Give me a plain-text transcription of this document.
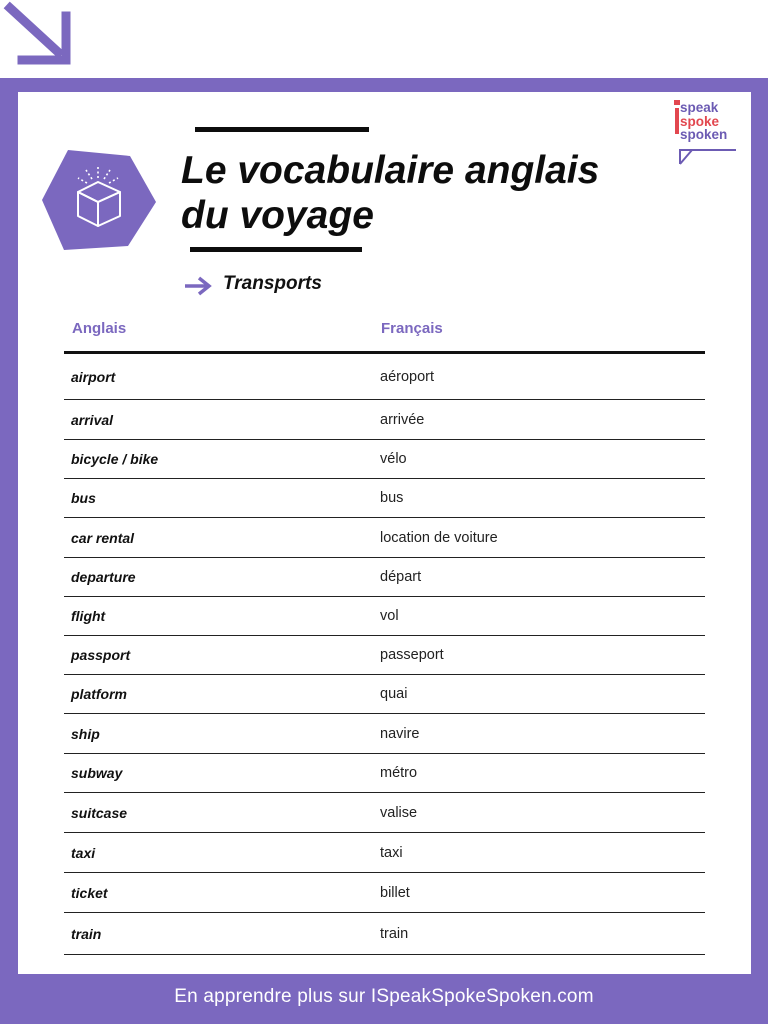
speak
spoke
spoken
Le vocabulaire anglais
du voyage
Transports
Anglais	Français
airport	aéroport
arrival	arrivée
bicycle / bike	vélo
bus	bus
car rental	location de voiture
departure	départ
flight	vol
passport	passeport
platform	quai
ship	navire
subway	métro
suitcase	valise
taxi	taxi
ticket	billet
train	train
En apprendre plus sur ISpeakSpokeSpoken.com
